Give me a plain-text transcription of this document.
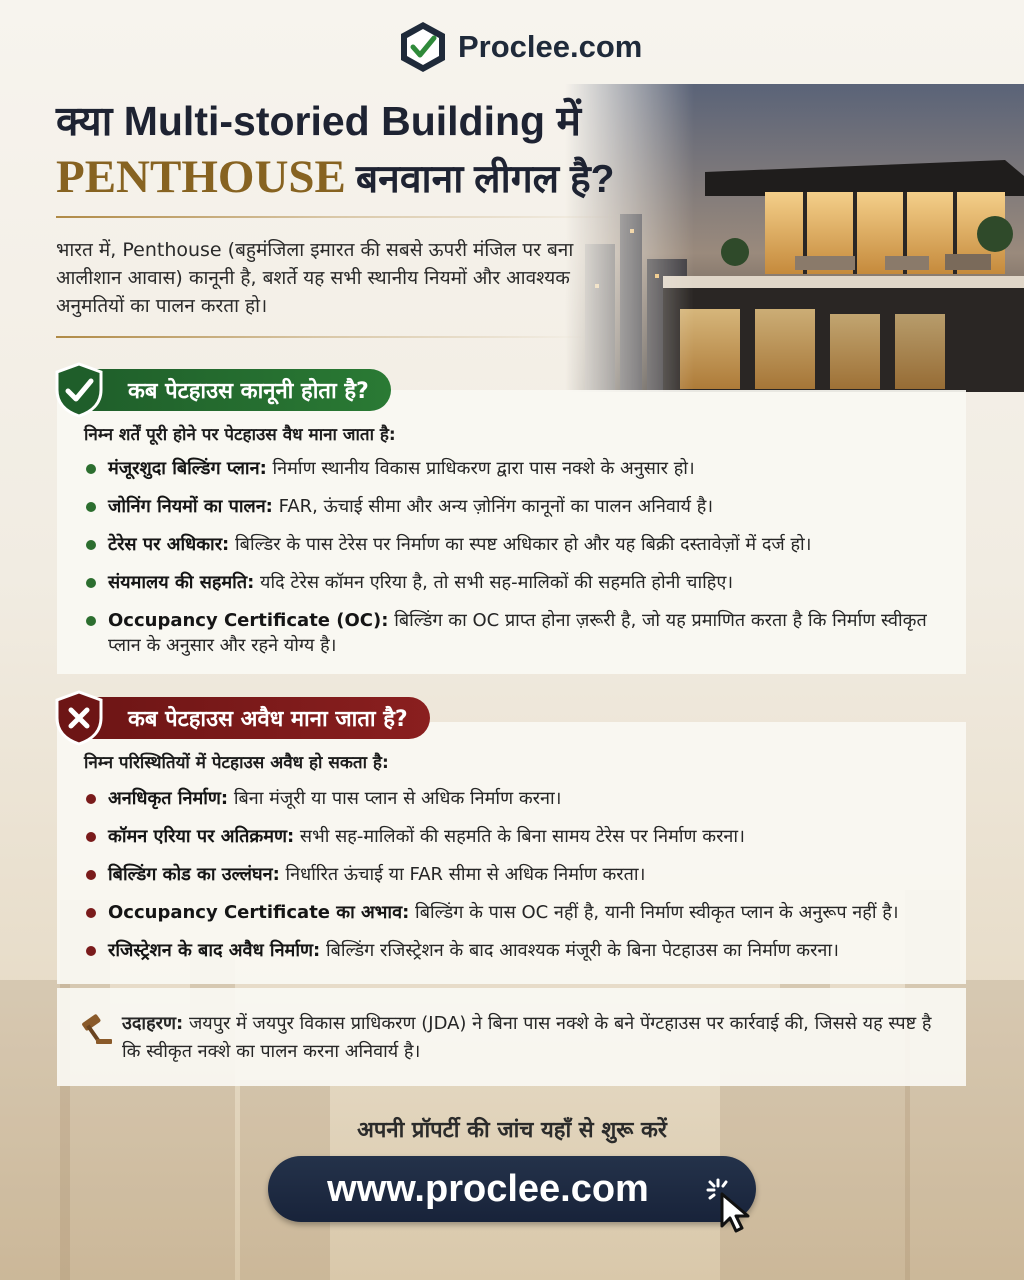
Proclee.com
क्या Multi-storied Building में
PENTHOUSE बनवाना लीगल है?

भारत में, Penthouse (बहुमंजिला इमारत की सबसे ऊपरी मंजिल पर बना आलीशान आवास) कानूनी है, बशर्ते यह सभी स्थानीय नियमों और आवश्यक अनुमतियों का पालन करता हो।

कब पेटहाउस कानूनी होता है?
निम्न शर्तें पूरी होने पर पेटहाउस वैध माना जाता है:
मंजूरशुदा बिल्डिंग प्लान: निर्माण स्थानीय विकास प्राधिकरण द्वारा पास नक्शे के अनुसार हो।
जोनिंग नियमों का पालन: FAR, ऊंचाई सीमा और अन्य ज़ोनिंग कानूनों का पालन अनिवार्य है।
टेरेस पर अधिकार: बिल्डिर के पास टेरेस पर निर्माण का स्पष्ट अधिकार हो और यह बिक्री दस्तावेज़ों में दर्ज हो।
संयमालय की सहमति: यदि टेरेस कॉमन एरिया है, तो सभी सह-मालिकों की सहमति होनी चाहिए।
Occupancy Certificate (OC): बिल्डिंग का OC प्राप्त होना ज़रूरी है, जो यह प्रमाणित करता है कि निर्माण स्वीकृत प्लान के अनुसार और रहने योग्य है।
कब पेटहाउस अवैध माना जाता है?
निम्न परिस्थितियों में पेटहाउस अवैध हो सकता है:
अनधिकृत निर्माण: बिना मंजूरी या पास प्लान से अधिक निर्माण करना।
कॉमन एरिया पर अतिक्रमण: सभी सह-मालिकों की सहमति के बिना सामय टेरेस पर निर्माण करना।
बिल्डिंग कोड का उल्लंघन: निर्धारित ऊंचाई या FAR सीमा से अधिक निर्माण करता।
Occupancy Certificate का अभाव: बिल्डिंग के पास OC नहीं है, यानी निर्माण स्वीकृत प्लान के अनुरूप नहीं है।
रजिस्ट्रेशन के बाद अवैध निर्माण: बिल्डिंग रजिस्ट्रेशन के बाद आवश्यक मंजूरी के बिना पेटहाउस का निर्माण करना।

उदाहरण: जयपुर में जयपुर विकास प्राधिकरण (JDA) ने बिना पास नक्शे के बने पेंग्टहाउस पर कार्रवाई की, जिससे यह स्पष्ट है कि स्वीकृत नक्शे का पालन करना अनिवार्य है।

अपनी प्रॉपर्टी की जांच यहाँ से शुरू करें
www.proclee.com
